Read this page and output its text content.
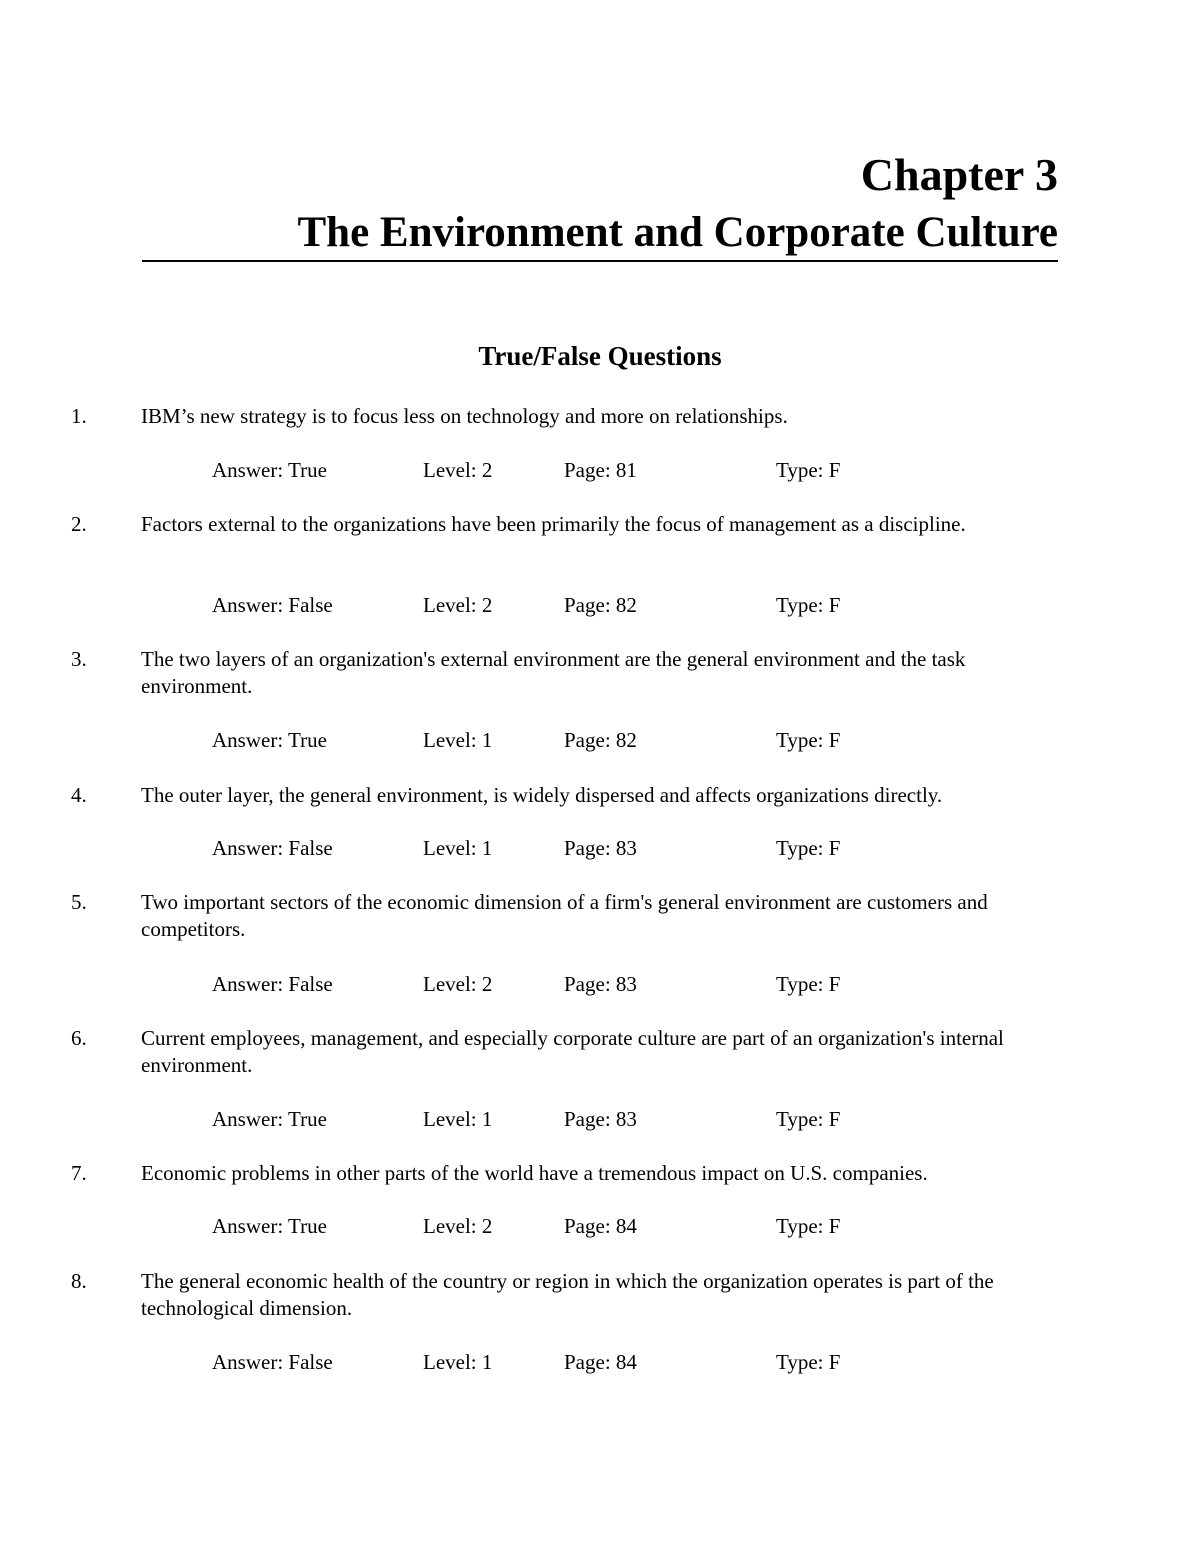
Chapter 3
The Environment and Corporate Culture
True/False Questions
1.	IBM’s new strategy is to focus less on technology and more on relationships.
Answer: True	Level: 2	Page: 81	Type: F
2.	Factors external to the organizations have been primarily the focus of management as a discipline.
Answer: False	Level: 2	Page: 82	Type: F
3.	The two layers of an organization's external environment are the general environment and the task environment.
Answer: True	Level: 1	Page: 82	Type: F
4.	The outer layer, the general environment, is widely dispersed and affects organizations directly.
Answer: False	Level: 1	Page: 83	Type: F
5.	Two important sectors of the economic dimension of a firm's general environment are customers and competitors.
Answer: False	Level: 2	Page: 83	Type: F
6.	Current employees, management, and especially corporate culture are part of an organization's internal environment.
Answer: True	Level: 1	Page: 83	Type: F
7.	Economic problems in other parts of the world have a tremendous impact on U.S. companies.
Answer: True	Level: 2	Page: 84	Type: F
8.	The general economic health of the country or region in which the organization operates is part of the technological dimension.
Answer: False	Level: 1	Page: 84	Type: F
